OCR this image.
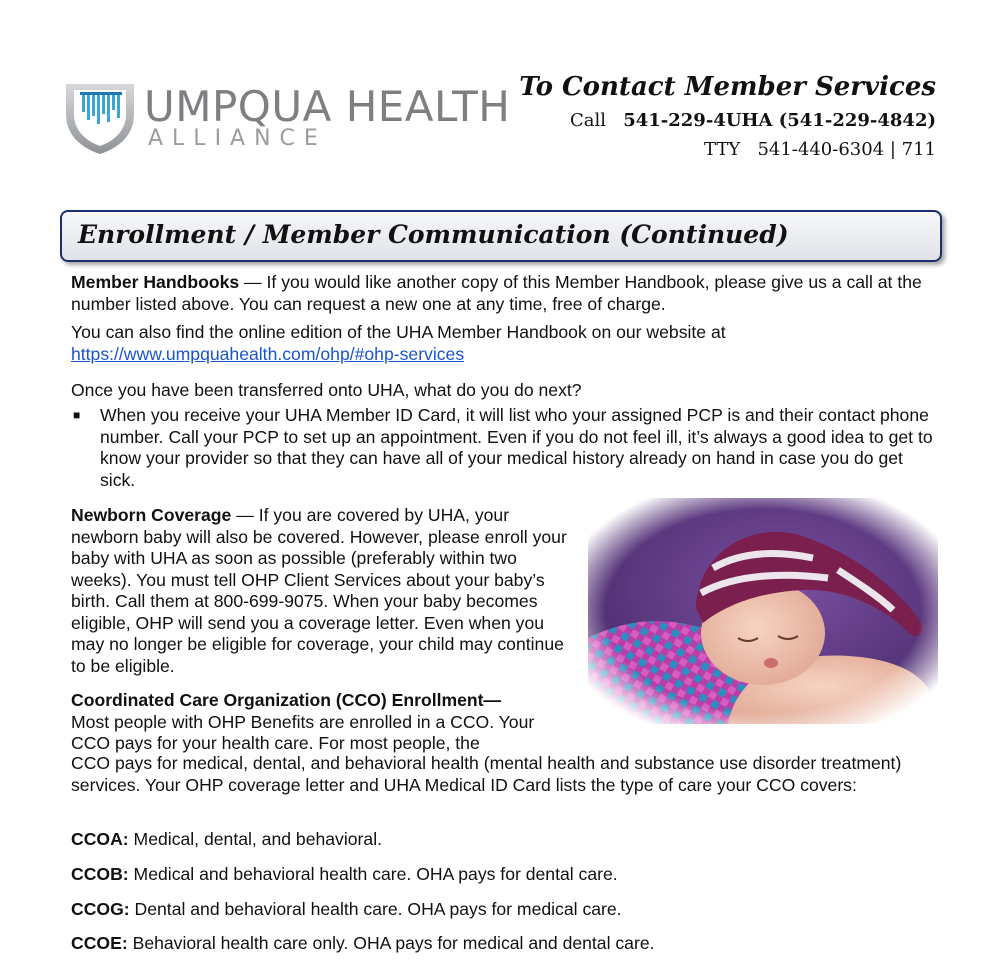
UMPQUA HEALTH
ALLIANCE
To Contact Member Services
Call 541-229-4UHA (541-229-4842)
TTY 541-440-6304 | 711
Enrollment / Member Communication (Continued)
Member Handbooks — If you would like another copy of this Member Handbook, please give us a call at the number listed above. You can request a new one at any time, free of charge.
You can also find the online edition of the UHA Member Handbook on our website at
https://www.umpquahealth.com/ohp/#ohp-services
Once you have been transferred onto UHA, what do you do next?
■ When you receive your UHA Member ID Card, it will list who your assigned PCP is and their contact phone number. Call your PCP to set up an appointment. Even if you do not feel ill, it’s always a good idea to get to know your provider so that they can have all of your medical history already on hand in case you do get sick.
Newborn Coverage — If you are covered by UHA, your newborn baby will also be covered. However, please enroll your baby with UHA as soon as possible (preferably within two weeks). You must tell OHP Client Services about your baby’s birth. Call them at 800-699-9075. When your baby becomes eligible, OHP will send you a coverage letter. Even when you may no longer be eligible for coverage, your child may continue to be eligible.
Coordinated Care Organization (CCO) Enrollment—
Most people with OHP Benefits are enrolled in a CCO. Your CCO pays for your health care. For most people, the
CCO pays for medical, dental, and behavioral health (mental health and substance use disorder treatment) services. Your OHP coverage letter and UHA Medical ID Card lists the type of care your CCO covers:
CCOA: Medical, dental, and behavioral.
CCOB: Medical and behavioral health care. OHA pays for dental care.
CCOG: Dental and behavioral health care. OHA pays for medical care.
CCOE: Behavioral health care only. OHA pays for medical and dental care.
